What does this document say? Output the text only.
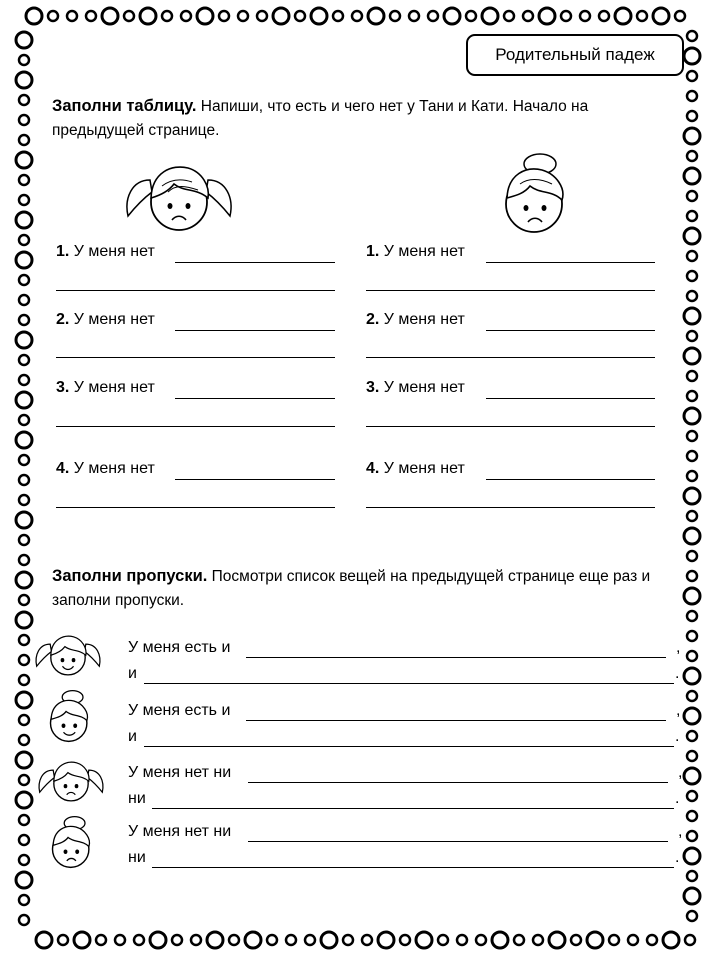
Родительный падеж
Заполни таблицу. Напиши, что есть и чего нет у Тани и Кати. Начало на предыдущей странице.
1. У меня нет
2. У меня нет
3. У меня нет
4. У меня нет
1. У меня нет
2. У меня нет
3. У меня нет
4. У меня нет
Заполни пропуски. Посмотри список вещей на предыдущей странице еще раз и заполни пропуски.
У меня есть и	,
и	.
У меня есть и	,
и	.
У меня нет ни	,
ни	.
У меня нет ни	,
ни	.
